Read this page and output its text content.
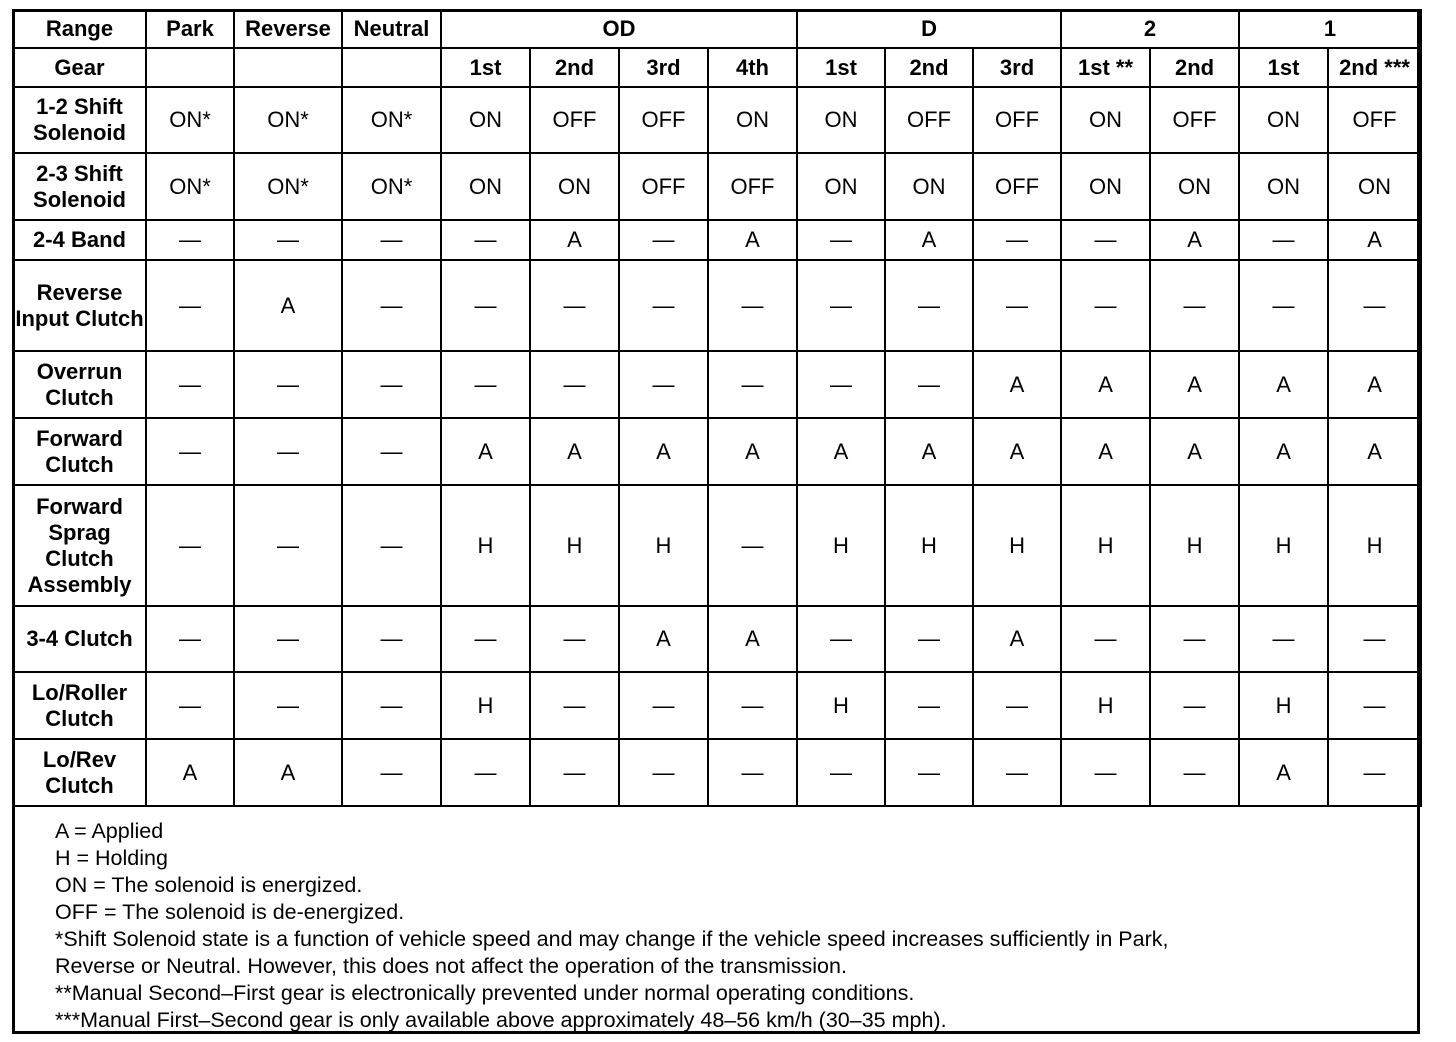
Range	Park	Reverse	Neutral	OD				D			2		1	
Gear				1st	2nd	3rd	4th	1st	2nd	3rd	1st **	2nd	1st	2nd ***
1-2 Shift Solenoid	ON*	ON*	ON*	ON	OFF	OFF	ON	ON	OFF	OFF	ON	OFF	ON	OFF
2-3 Shift Solenoid	ON*	ON*	ON*	ON	ON	OFF	OFF	ON	ON	OFF	ON	ON	ON	ON
2-4 Band	—	—	—	—	A	—	A	—	A	—	—	A	—	A
Reverse Input Clutch	—	A	—	—	—	—	—	—	—	—	—	—	—	—
Overrun Clutch	—	—	—	—	—	—	—	—	—	A	A	A	A	A
Forward Clutch	—	—	—	A	A	A	A	A	A	A	A	A	A	A
Forward Sprag Clutch Assembly	—	—	—	H	H	H	—	H	H	H	H	H	H	H
3-4 Clutch	—	—	—	—	—	A	A	—	—	A	—	—	—	—
Lo/Roller Clutch	—	—	—	H	—	—	—	H	—	—	H	—	H	—
Lo/Rev Clutch	A	A	—	—	—	—	—	—	—	—	—	—	A	—
A = Applied
H = Holding
ON = The solenoid is energized.
OFF = The solenoid is de-energized.
*Shift Solenoid state is a function of vehicle speed and may change if the vehicle speed increases sufficiently in Park,
Reverse or Neutral. However, this does not affect the operation of the transmission.
**Manual Second–First gear is electronically prevented under normal operating conditions.
***Manual First–Second gear is only available above approximately 48–56 km/h (30–35 mph).
